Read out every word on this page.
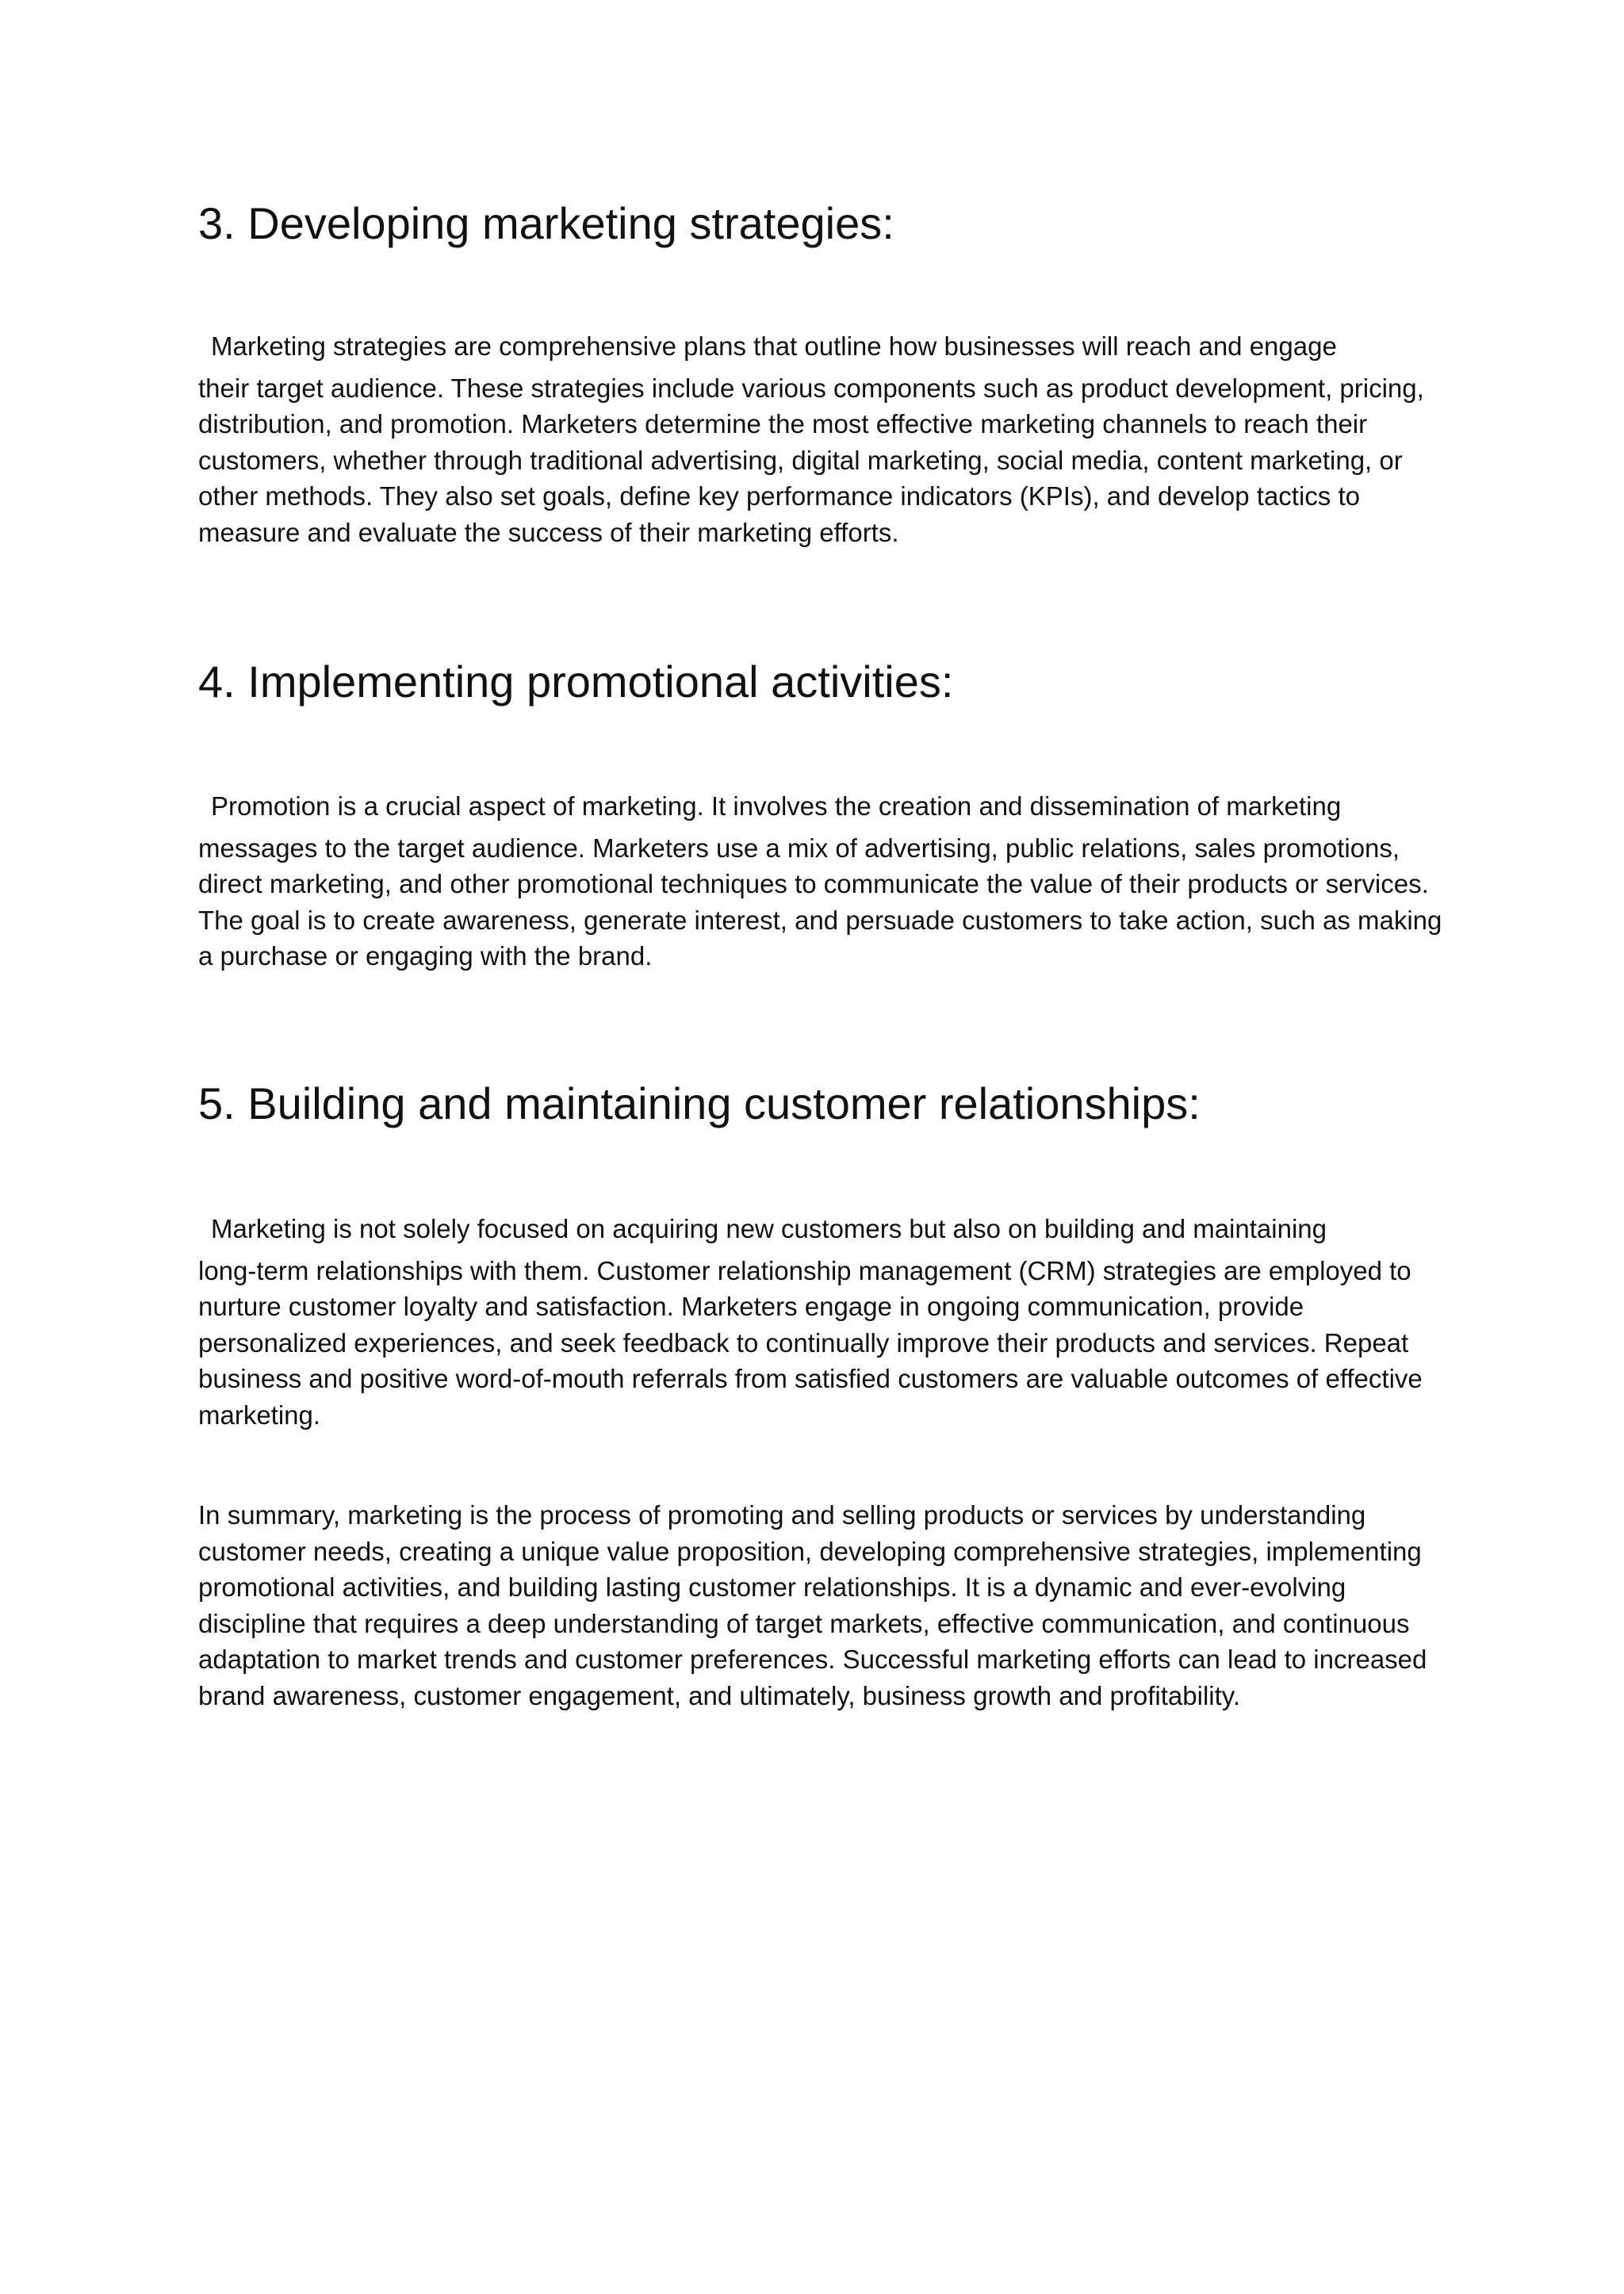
3. Developing marketing strategies:
Marketing strategies are comprehensive plans that outline how businesses will reach and engage
their target audience. These strategies include various components such as product development, pricing, distribution, and promotion. Marketers determine the most effective marketing channels to reach their customers, whether through traditional advertising, digital marketing, social media, content marketing, or other methods. They also set goals, define key performance indicators (KPIs), and develop tactics to measure and evaluate the success of their marketing efforts.
4. Implementing promotional activities:
Promotion is a crucial aspect of marketing. It involves the creation and dissemination of marketing
messages to the target audience. Marketers use a mix of advertising, public relations, sales promotions, direct marketing, and other promotional techniques to communicate the value of their products or services. The goal is to create awareness, generate interest, and persuade customers to take action, such as making a purchase or engaging with the brand.
5. Building and maintaining customer relationships:
Marketing is not solely focused on acquiring new customers but also on building and maintaining
long-term relationships with them. Customer relationship management (CRM) strategies are employed to nurture customer loyalty and satisfaction. Marketers engage in ongoing communication, provide personalized experiences, and seek feedback to continually improve their products and services. Repeat business and positive word-of-mouth referrals from satisfied customers are valuable outcomes of effective marketing.

In summary, marketing is the process of promoting and selling products or services by understanding customer needs, creating a unique value proposition, developing comprehensive strategies, implementing promotional activities, and building lasting customer relationships. It is a dynamic and ever-evolving discipline that requires a deep understanding of target markets, effective communication, and continuous adaptation to market trends and customer preferences. Successful marketing efforts can lead to increased brand awareness, customer engagement, and ultimately, business growth and profitability.
